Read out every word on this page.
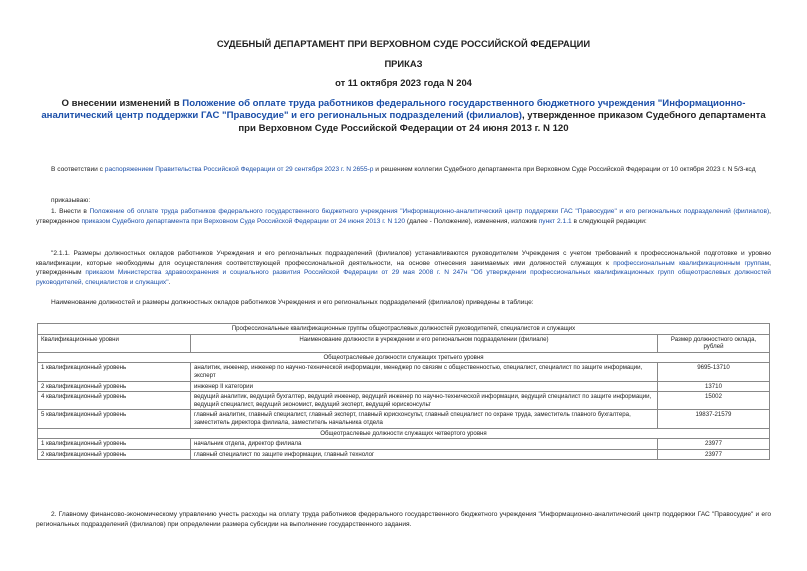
СУДЕБНЫЙ ДЕПАРТАМЕНТ ПРИ ВЕРХОВНОМ СУДЕ РОССИЙСКОЙ ФЕДЕРАЦИИ
ПРИКАЗ
от 11 октября 2023 года N 204
О внесении изменений в Положение об оплате труда работников федерального государственного бюджетного учреждения "Информационно-аналитический центр поддержки ГАС "Правосудие" и его региональных подразделений (филиалов), утвержденное приказом Судебного департамента при Верховном Суде Российской Федерации от 24 июня 2013 г. N 120
В соответствии с распоряжением Правительства Российской Федерации от 29 сентября 2023 г. N 2655-р и решением коллегии Судебного департамента при Верховном Суде Российской Федерации от 10 октября 2023 г. N 5/3-кcд
приказываю:
1. Внести в Положение об оплате труда работников федерального государственного бюджетного учреждения "Информационно-аналитический центр поддержки ГАС "Правосудие" и его региональных подразделений (филиалов), утвержденное приказом Судебного департамента при Верховном Суде Российской Федерации от 24 июня 2013 г. N 120 (далее - Положение), изменения, изложив пункт 2.1.1 в следующей редакции:
"2.1.1. Размеры должностных окладов работников Учреждения и его региональных подразделений (филиалов) устанавливаются руководителем Учреждения с учетом требований к профессиональной подготовке и уровню квалификации, которые необходимы для осуществления соответствующей профессиональной деятельности, на основе отнесения занимаемых ими должностей служащих к профессиональным квалификационным группам, утвержденным приказом Министерства здравоохранения и социального развития Российской Федерации от 29 мая 2008 г. N 247н "Об утверждении профессиональных квалификационных групп общеотраслевых должностей руководителей, специалистов и служащих".
Наименование должностей и размеры должностных окладов работников Учреждения и его региональных подразделений (филиалов) приведены в таблице:
Профессиональные квалификационные группы общеотраслевых должностей руководителей, специалистов и служащих		
Квалификационные уровни	Наименование должности в учреждении и его региональном подразделении (филиале)	Размер должностного оклада, рублей
Общеотраслевые должности служащих третьего уровня		
1 квалификационный уровень	аналитик, инженер, инженер по научно-технической информации, менеджер по связям с общественностью, специалист, специалист по защите информации, эксперт	9695-13710
2 квалификационный уровень	инженер II категории	13710
4 квалификационный уровень	ведущий аналитик, ведущий бухгалтер, ведущий инженер, ведущий инженер по научно-технической информации, ведущий специалист по защите информации, ведущий специалист, ведущий экономист, ведущий эксперт, ведущий юрисконсульт	15002
5 квалификационный уровень	главный аналитик, главный специалист, главный эксперт, главный юрисконсульт, главный специалист по охране труда, заместитель главного бухгалтера, заместитель директора филиала, заместитель начальника отдела	19837-21579
Общеотраслевые должности служащих четвертого уровня		
1 квалификационный уровень	начальник отдела, директор филиала	23977
2 квалификационный уровень	главный специалист по защите информации, главный технолог	23977
2. Главному финансово-экономическому управлению учесть расходы на оплату труда работников федерального государственного бюджетного учреждения "Информационно-аналитический центр поддержки ГАС "Правосудие" и его региональных подразделений (филиалов) при определении размера субсидии на выполнение государственного задания.
